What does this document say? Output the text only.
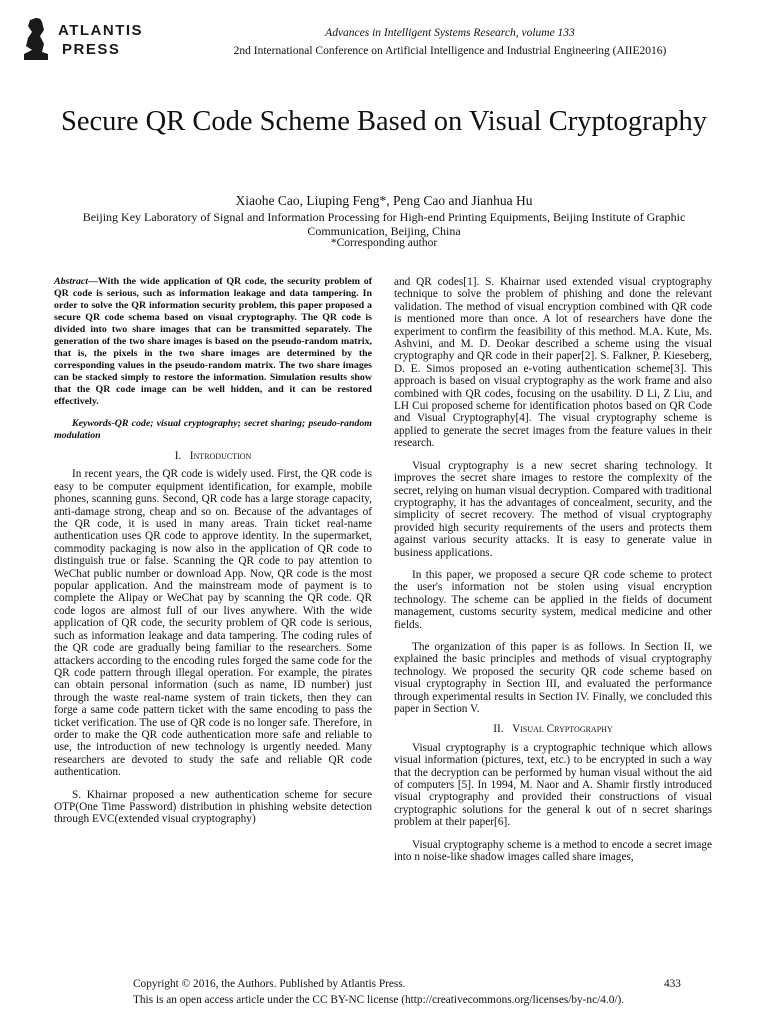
ATLANTIS
PRESS
Advances in Intelligent Systems Research, volume 133
2nd International Conference on Artificial Intelligence and Industrial Engineering (AIIE2016)
Secure QR Code Scheme Based on Visual Cryptography
Xiaohe Cao, Liuping Feng*, Peng Cao and Jianhua Hu
Beijing Key Laboratory of Signal and Information Processing for High-end Printing Equipments, Beijing Institute of Graphic Communication, Beijing, China
*Corresponding author

Abstract—With the wide application of QR code, the security problem of QR code is serious, such as information leakage and data tampering. In order to solve the QR information security problem, this paper proposed a secure QR code schema based on visual cryptography. The QR code is divided into two share images that can be transmitted separately. The generation of the two share images is based on the pseudo-random matrix, that is, the pixels in the two share images are determined by the corresponding values in the pseudo-random matrix. The two share images can be stacked simply to restore the information. Simulation results show that the QR code image can be well hidden, and it can be restored effectively.

Keywords-QR code; visual cryptography; secret sharing; pseudo-random modulation

I. Introduction

In recent years, the QR code is widely used. First, the QR code is easy to be computer equipment identification, for example, mobile phones, scanning guns. Second, QR code has a large storage capacity, anti-damage strong, cheap and so on. Because of the advantages of the QR code, it is used in many areas. Train ticket real-name authentication uses QR code to approve identity. In the supermarket, commodity packaging is now also in the application of QR code to distinguish true or false. Scanning the QR code to pay attention to WeChat public number or download App. Now, QR code is the most popular application. And the mainstream mode of payment is to complete the Alipay or WeChat pay by scanning the QR code. QR code logos are almost full of our lives anywhere. With the wide application of QR code, the security problem of QR code is serious, such as information leakage and data tampering. The coding rules of the QR code are gradually being familiar to the researchers. Some attackers according to the encoding rules forged the same code for the QR code pattern through illegal operation. For example, the pirates can obtain personal information (such as name, ID number) just through the waste real-name system of train tickets, then they can forge a same code pattern ticket with the same encoding to pass the ticket verification. The use of QR code is no longer safe. Therefore, in order to make the QR code authentication more safe and reliable to use, the introduction of new technology is urgently needed. Many researchers are devoted to study the safe and reliable QR code authentication.

S. Khairnar proposed a new authentication scheme for secure OTP(One Time Password) distribution in phishing website detection through EVC(extended visual cryptography)

and QR codes[1]. S. Khairnar used extended visual cryptography technique to solve the problem of phishing and done the relevant validation. The method of visual encryption combined with QR code is mentioned more than once. A lot of researchers have done the experiment to confirm the feasibility of this method. M.A. Kute, Ms. Ashvini, and M. D. Deokar described a scheme using the visual cryptography and QR code in their paper[2]. S. Falkner, P. Kieseberg, D. E. Simos proposed an e-voting authentication scheme[3]. This approach is based on visual cryptography as the work frame and also combined with QR codes, focusing on the usability. D Li, Z Liu, and LH Cui proposed scheme for identification photos based on QR Code and Visual Cryptography[4]. The visual cryptography scheme is applied to generate the secret images from the feature values in their research.

Visual cryptography is a new secret sharing technology. It improves the secret share images to restore the complexity of the secret, relying on human visual decryption. Compared with traditional cryptography, it has the advantages of concealment, security, and the simplicity of secret recovery. The method of visual cryptography provided high security requirements of the users and protects them against various security attacks. It is easy to generate value in business applications.

In this paper, we proposed a secure QR code scheme to protect the user's information not be stolen using visual encryption technology. The scheme can be applied in the fields of document management, customs security system, medical medicine and other fields.

The organization of this paper is as follows. In Section II, we explained the basic principles and methods of visual cryptography technology. We proposed the security QR code scheme based on visual cryptography in Section III, and evaluated the performance through experimental results in Section IV. Finally, we concluded this paper in Section V.

II. Visual Cryptography

Visual cryptography is a cryptographic technique which allows visual information (pictures, text, etc.) to be encrypted in such a way that the decryption can be performed by human visual without the aid of computers [5]. In 1994, M. Naor and A. Shamir firstly introduced visual cryptography and provided their constructions of visual cryptographic solutions for the general k out of n secret sharings problem at their paper[6].

Visual cryptography scheme is a method to encode a secret image into n noise-like shadow images called share images,

Copyright © 2016, the Authors. Published by Atlantis Press.	433
This is an open access article under the CC BY-NC license (http://creativecommons.org/licenses/by-nc/4.0/).
